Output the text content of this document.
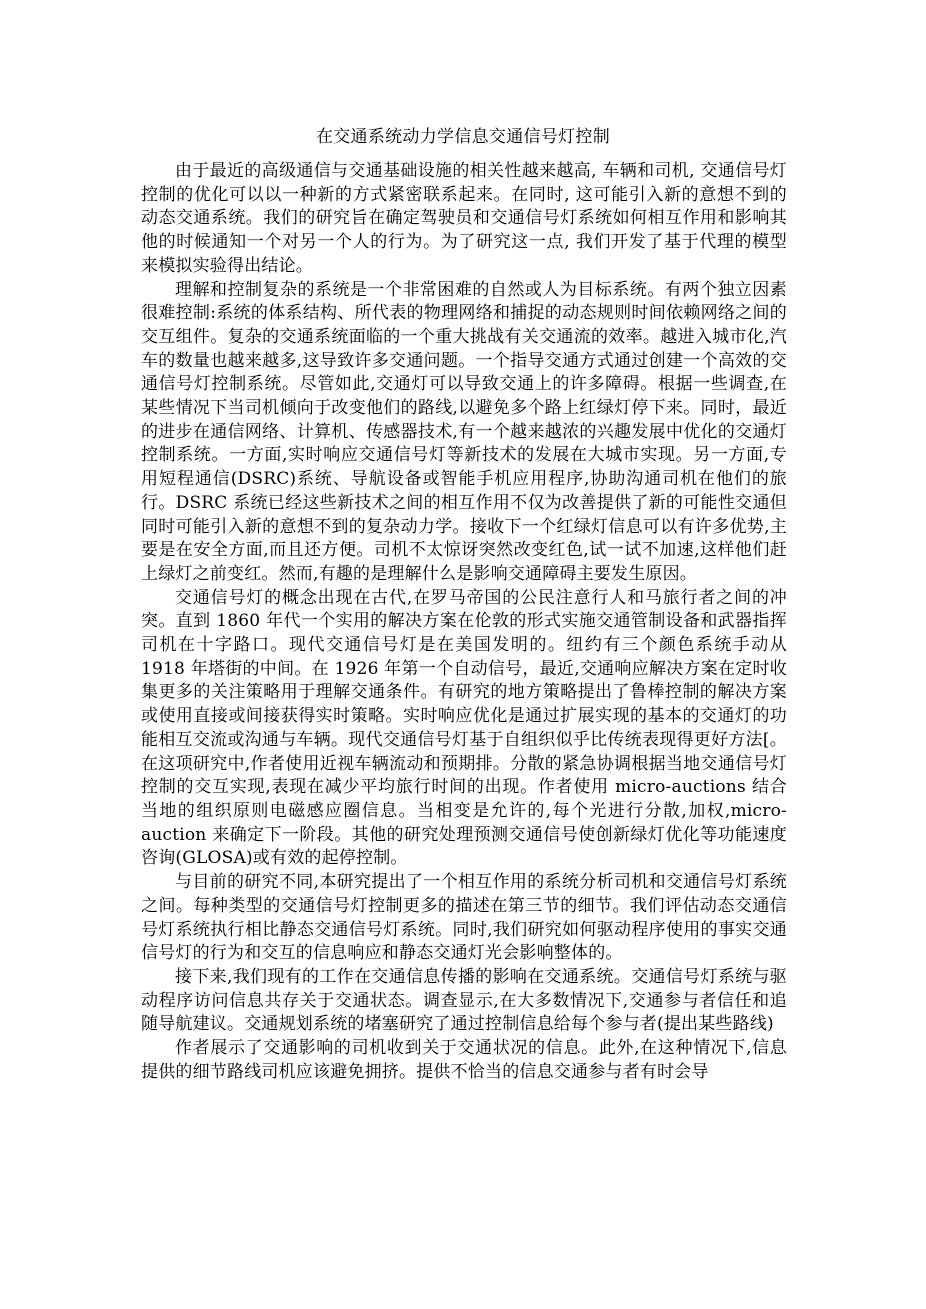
在交通系统动力学信息交通信号灯控制

由于最近的高级通信与交通基础设施的相关性越来越高, 车辆和司机, 交通信号灯控制的优化可以以一种新的方式紧密联系起来。在同时, 这可能引入新的意想不到的动态交通系统。我们的研究旨在确定驾驶员和交通信号灯系统如何相互作用和影响其他的时候通知一个对另一个人的行为。为了研究这一点, 我们开发了基于代理的模型来模拟实验得出结论。

理解和控制复杂的系统是一个非常困难的自然或人为目标系统。有两个独立因素很难控制:系统的体系结构、所代表的物理网络和捕捉的动态规则时间依赖网络之间的交互组件。复杂的交通系统面临的一个重大挑战有关交通流的效率。越进入城市化,汽车的数量也越来越多,这导致许多交通问题。一个指导交通方式通过创建一个高效的交通信号灯控制系统。尽管如此,交通灯可以导致交通上的许多障碍。根据一些调查,在某些情况下当司机倾向于改变他们的路线,以避免多个路上红绿灯停下来。同时，最近的进步在通信网络、计算机、传感器技术,有一个越来越浓的兴趣发展中优化的交通灯控制系统。一方面,实时响应交通信号灯等新技术的发展在大城市实现。另一方面,专用短程通信(DSRC)系统、导航设备或智能手机应用程序,协助沟通司机在他们的旅行。DSRC 系统已经这些新技术之间的相互作用不仅为改善提供了新的可能性交通但同时可能引入新的意想不到的复杂动力学。接收下一个红绿灯信息可以有许多优势,主要是在安全方面,而且还方便。司机不太惊讶突然改变红色,试一试不加速,这样他们赶上绿灯之前变红。然而,有趣的是理解什么是影响交通障碍主要发生原因。

交通信号灯的概念出现在古代,在罗马帝国的公民注意行人和马旅行者之间的冲突。直到 1860 年代一个实用的解决方案在伦敦的形式实施交通管制设备和武器指挥司机在十字路口。现代交通信号灯是在美国发明的。纽约有三个颜色系统手动从 1918 年塔街的中间。在 1926 年第一个自动信号，最近,交通响应解决方案在定时收集更多的关注策略用于理解交通条件。有研究的地方策略提出了鲁棒控制的解决方案或使用直接或间接获得实时策略。实时响应优化是通过扩展实现的基本的交通灯的功能相互交流或沟通与车辆。现代交通信号灯基于自组织似乎比传统表现得更好方法[。在这项研究中,作者使用近视车辆流动和预期排。分散的紧急协调根据当地交通信号灯控制的交互实现,表现在减少平均旅行时间的出现。作者使用 micro-auctions 结合当地的组织原则电磁感应圈信息。当相变是允许的,每个光进行分散,加权,micro-auction 来确定下一阶段。其他的研究处理预测交通信号使创新绿灯优化等功能速度咨询(GLOSA)或有效的起停控制。

与目前的研究不同,本研究提出了一个相互作用的系统分析司机和交通信号灯系统之间。每种类型的交通信号灯控制更多的描述在第三节的细节。我们评估动态交通信号灯系统执行相比静态交通信号灯系统。同时,我们研究如何驱动程序使用的事实交通信号灯的行为和交互的信息响应和静态交通灯光会影响整体的。

接下来,我们现有的工作在交通信息传播的影响在交通系统。交通信号灯系统与驱动程序访问信息共存关于交通状态。调查显示,在大多数情况下,交通参与者信任和追随导航建议。交通规划系统的堵塞研究了通过控制信息给每个参与者(提出某些路线)

作者展示了交通影响的司机收到关于交通状况的信息。此外,在这种情况下,信息提供的细节路线司机应该避免拥挤。提供不恰当的信息交通参与者有时会导
